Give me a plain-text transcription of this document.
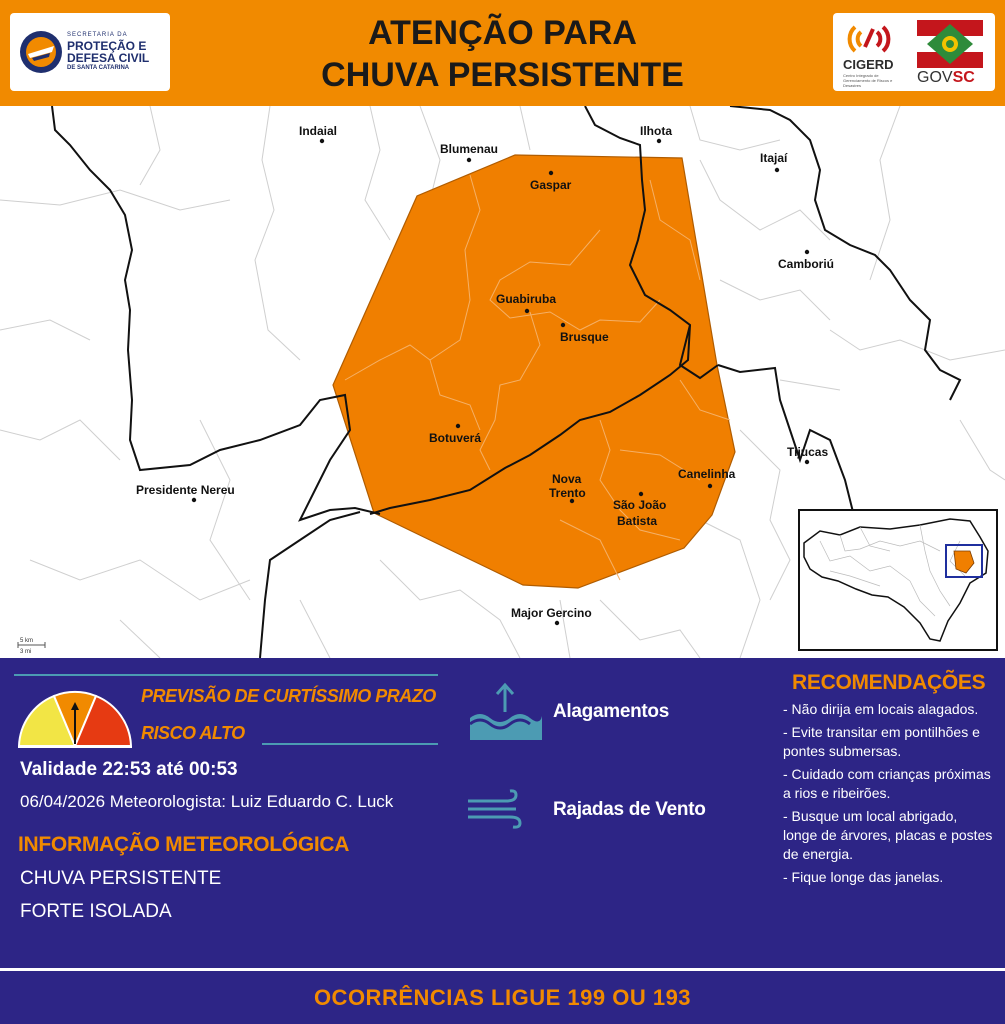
SECRETARIA DA
PROTEÇÃO E
DEFESA CIVIL
DE SANTA CATARINA
ATENÇÃO PARA
CHUVA PERSISTENTE	CIGERD
Centro Integrado de Gerenciamento de Riscos e Desastres	GOVSC
5 km
3 mi
Indaial
Blumenau
Ilhota
Itajaí
Gaspar
Camboriú
Guabiruba
Brusque
Botuverá
Tijucas
Presidente Nereu
Canelinha
Nova
Trento
São João
Batista
Major Gercino
PREVISÃO DE CURTÍSSIMO PRAZO
RISCO ALTO
Validade 22:53 até 00:53
06/04/2026 Meteorologista: Luiz Eduardo C. Luck
INFORMAÇÃO METEOROLÓGICA
CHUVA PERSISTENTE
FORTE ISOLADA
Alagamentos
Rajadas de Vento
RECOMENDAÇÕES
- Não dirija em locais alagados.
- Evite transitar em pontilhões e pontes submersas.
- Cuidado com crianças próximas a rios e ribeirões.
- Busque um local abrigado, longe de árvores, placas e postes de energia.
- Fique longe das janelas.
OCORRÊNCIAS LIGUE 199 OU 193
